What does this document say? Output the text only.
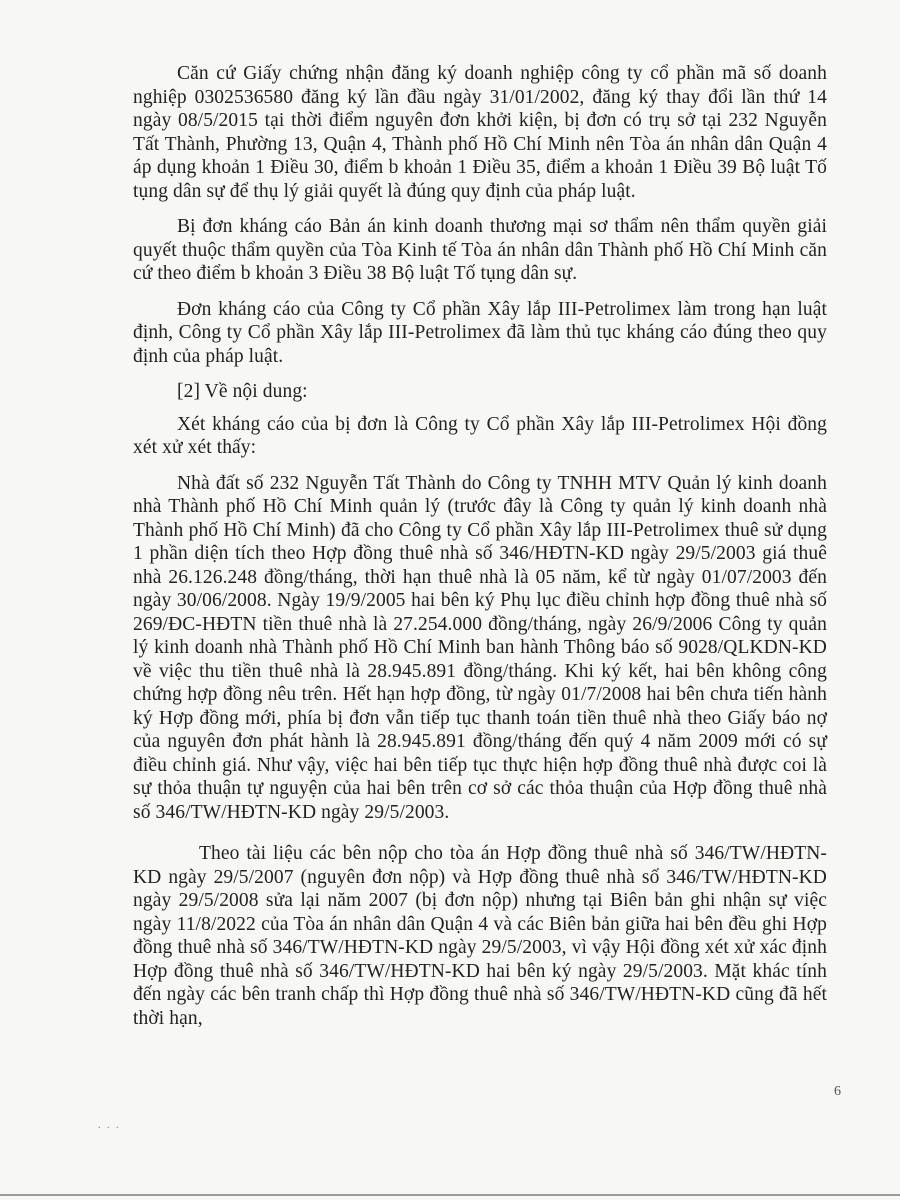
Căn cứ Giấy chứng nhận đăng ký doanh nghiệp công ty cổ phần mã số doanh nghiệp 0302536580 đăng ký lần đầu ngày 31/01/2002, đăng ký thay đổi lần thứ 14 ngày 08/5/2015 tại thời điểm nguyên đơn khởi kiện, bị đơn có trụ sở tại 232 Nguyễn Tất Thành, Phường 13, Quận 4, Thành phố Hồ Chí Minh nên Tòa án nhân dân Quận 4 áp dụng khoản 1 Điều 30, điểm b khoản 1 Điều 35, điểm a khoản 1 Điều 39 Bộ luật Tố tụng dân sự để thụ lý giải quyết là đúng quy định của pháp luật.

Bị đơn kháng cáo Bản án kinh doanh thương mại sơ thẩm nên thẩm quyền giải quyết thuộc thẩm quyền của Tòa Kinh tế Tòa án nhân dân Thành phố Hồ Chí Minh căn cứ theo điểm b khoản 3 Điều 38 Bộ luật Tố tụng dân sự.

Đơn kháng cáo của Công ty Cổ phần Xây lắp III-Petrolimex làm trong hạn luật định, Công ty Cổ phần Xây lắp III-Petrolimex đã làm thủ tục kháng cáo đúng theo quy định của pháp luật.

[2] Về nội dung:

Xét kháng cáo của bị đơn là Công ty Cổ phần Xây lắp III-Petrolimex Hội đồng xét xử xét thấy:

Nhà đất số 232 Nguyễn Tất Thành do Công ty TNHH MTV Quản lý kinh doanh nhà Thành phố Hồ Chí Minh quản lý (trước đây là Công ty quản lý kinh doanh nhà Thành phố Hồ Chí Minh) đã cho Công ty Cổ phần Xây lắp III-Petrolimex thuê sử dụng 1 phần diện tích theo Hợp đồng thuê nhà số 346/HĐTN-KD ngày 29/5/2003 giá thuê nhà 26.126.248 đồng/tháng, thời hạn thuê nhà là 05 năm, kể từ ngày 01/07/2003 đến ngày 30/06/2008. Ngày 19/9/2005 hai bên ký Phụ lục điều chỉnh hợp đồng thuê nhà số 269/ĐC-HĐTN tiền thuê nhà là 27.254.000 đồng/tháng, ngày 26/9/2006 Công ty quản lý kinh doanh nhà Thành phố Hồ Chí Minh ban hành Thông báo số 9028/QLKDN-KD về việc thu tiền thuê nhà là 28.945.891 đồng/tháng. Khi ký kết, hai bên không công chứng hợp đồng nêu trên. Hết hạn hợp đồng, từ ngày 01/7/2008 hai bên chưa tiến hành ký Hợp đồng mới, phía bị đơn vẫn tiếp tục thanh toán tiền thuê nhà theo Giấy báo nợ của nguyên đơn phát hành là 28.945.891 đồng/tháng đến quý 4 năm 2009 mới có sự điều chỉnh giá. Như vậy, việc hai bên tiếp tục thực hiện hợp đồng thuê nhà được coi là sự thỏa thuận tự nguyện của hai bên trên cơ sở các thỏa thuận của Hợp đồng thuê nhà số 346/TW/HĐTN-KD ngày 29/5/2003.

Theo tài liệu các bên nộp cho tòa án Hợp đồng thuê nhà số 346/TW/HĐTN-KD ngày 29/5/2007 (nguyên đơn nộp) và Hợp đồng thuê nhà số 346/TW/HĐTN-KD ngày 29/5/2008 sửa lại năm 2007 (bị đơn nộp) nhưng tại Biên bản ghi nhận sự việc ngày 11/8/2022 của Tòa án nhân dân Quận 4 và các Biên bản giữa hai bên đều ghi Hợp đồng thuê nhà số 346/TW/HĐTN-KD ngày 29/5/2003, vì vậy Hội đồng xét xử xác định Hợp đồng thuê nhà số 346/TW/HĐTN-KD hai bên ký ngày 29/5/2003. Mặt khác tính đến ngày các bên tranh chấp thì Hợp đồng thuê nhà số 346/TW/HĐTN-KD cũng đã hết thời hạn,

6
. . .
